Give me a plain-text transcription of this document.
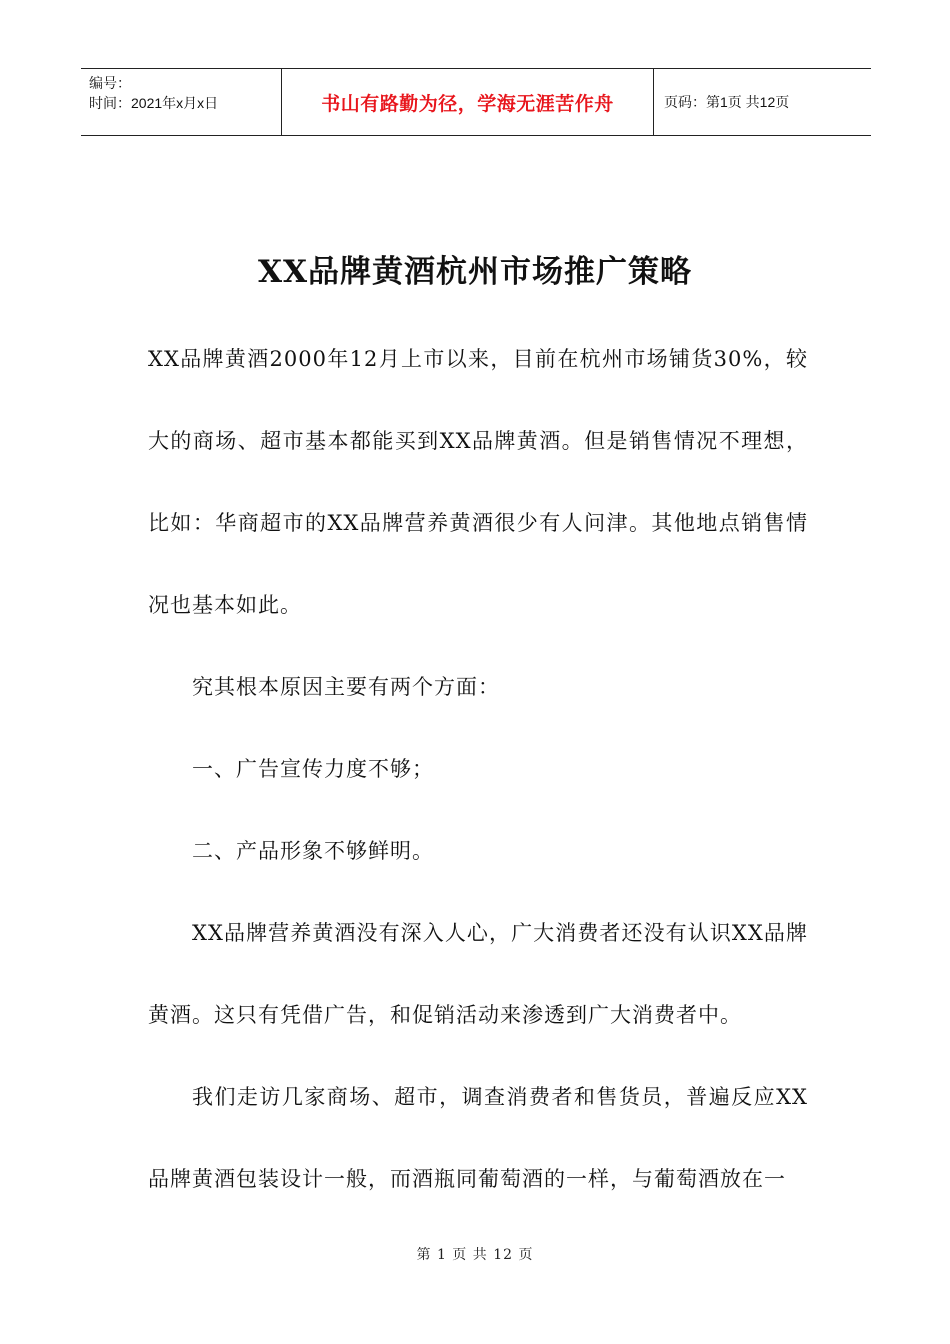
编号：
时间：2021年x月x日	书山有路勤为径，学海无涯苦作舟	页码：第1页 共12页
XX品牌黄酒杭州市场推广策略

XX品牌黄酒2000年12月上市以来，目前在杭州市场铺货30%，较大的商场、超市基本都能买到XX品牌黄酒。但是销售情况不理想，比如：华商超市的XX品牌营养黄酒很少有人问津。其他地点销售情况也基本如此。

究其根本原因主要有两个方面：

一、广告宣传力度不够；

二、产品形象不够鲜明。

XX品牌营养黄酒没有深入人心，广大消费者还没有认识XX品牌黄酒。这只有凭借广告，和促销活动来渗透到广大消费者中。

我们走访几家商场、超市，调查消费者和售货员，普遍反应XX品牌黄酒包装设计一般，而酒瓶同葡萄酒的一样，与葡萄酒放在一

第 1 页 共 12 页
